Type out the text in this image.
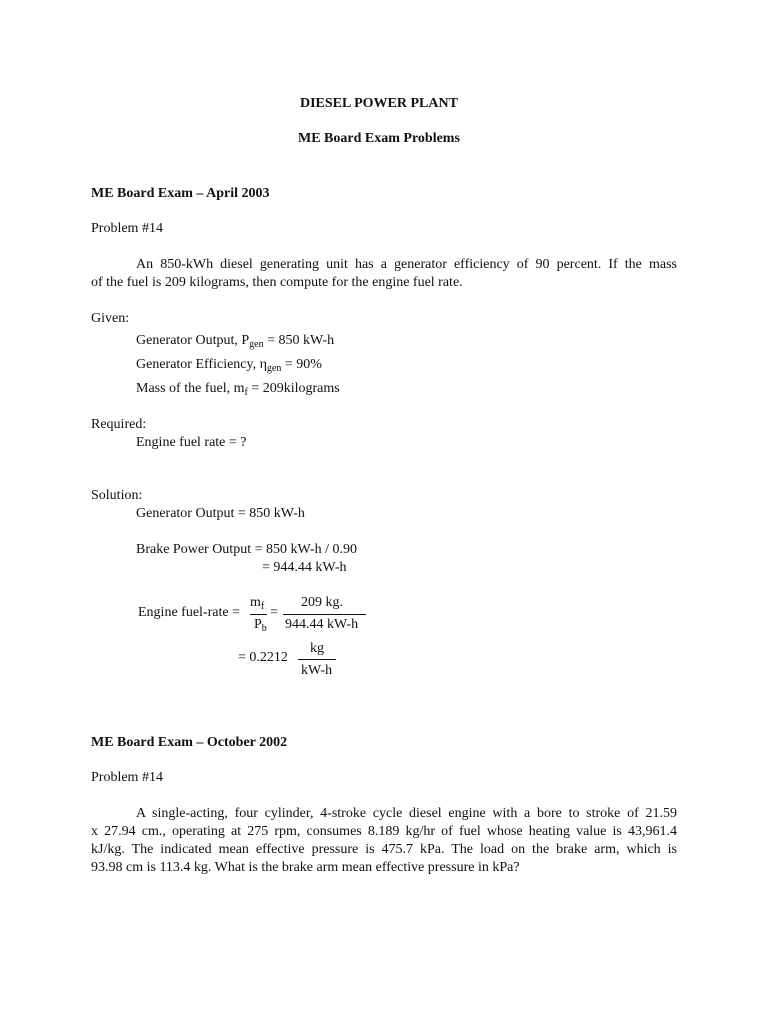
DIESEL POWER PLANT
ME Board Exam Problems
ME Board Exam – April 2003
Problem #14
An 850-kWh diesel generating unit has a generator efficiency of 90 percent. If the mass
of the fuel is 209 kilograms, then compute for the engine fuel rate.
Given:
Generator Output, $P_{gen} = 850$ kW-h
Generator Efficiency, $\eta_{gen} = 90\%$
Mass of the fuel, $m_f$ = 209kilograms
Required:
Engine fuel rate = ?
Solution:
Generator Output = 850 kW-h
Brake Power Output = 850 kW-h / 0.90
= 944.44 kW-h
Engine fuel-rate =
$m_f$
$P_b$
=
209 kg.
944.44 kW-h
= 0.2212
kg
kW-h
ME Board Exam – October 2002
Problem #14
A single-acting, four cylinder, 4-stroke cycle diesel engine with a bore to stroke of 21.59
x 27.94 cm., operating at 275 rpm, consumes 8.189 kg/hr of fuel whose heating value is 43,961.4
kJ/kg. The indicated mean effective pressure is 475.7 kPa. The load on the brake arm, which is
93.98 cm is 113.4 kg. What is the brake arm mean effective pressure in kPa?
